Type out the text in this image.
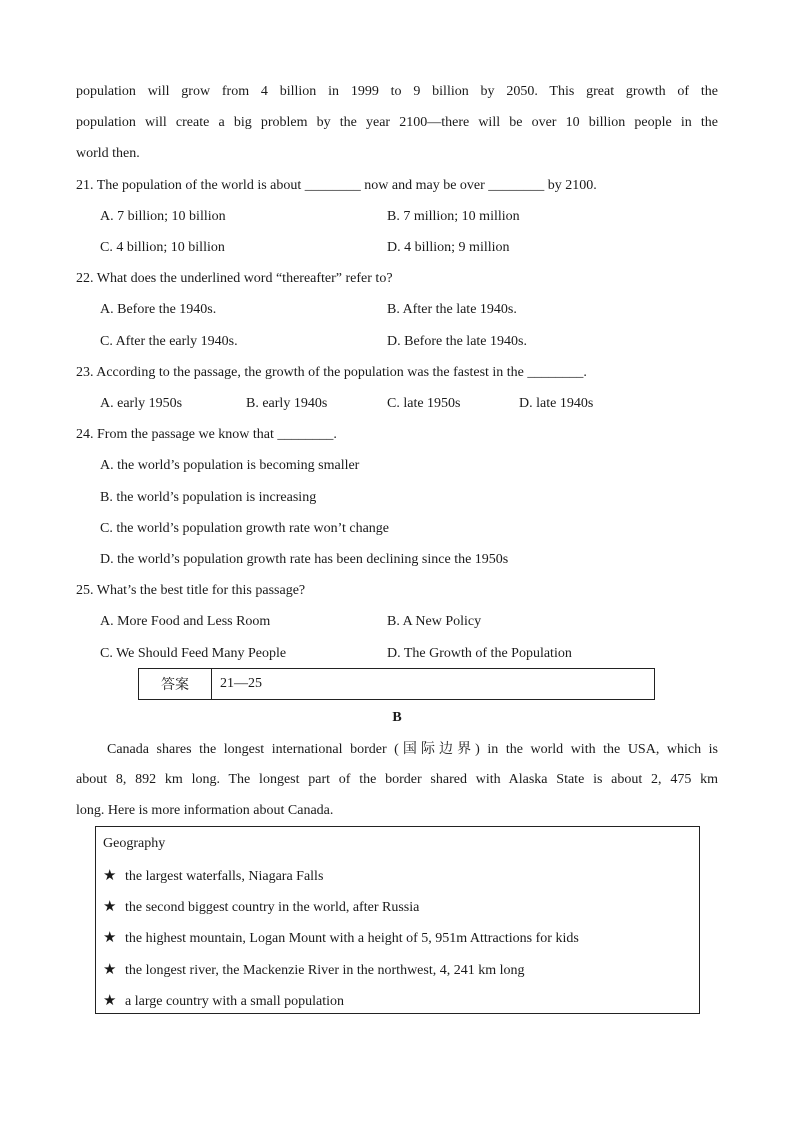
population will grow from 4 billion in 1999 to 9 billion by 2050. This great growth of the
population will create a big problem by the year 2100—there will be over 10 billion people in the
world then.
21. The population of the world is about ________ now and may be over ________ by 2100.
A. 7 billion; 10 billion	B. 7 million; 10 million
C. 4 billion; 10 billion	D. 4 billion; 9 million
22. What does the underlined word “thereafter” refer to?
A. Before the 1940s.	B. After the late 1940s.
C. After the early 1940s.	D. Before the late 1940s.
23. According to the passage, the growth of the population was the fastest in the ________.
A. early 1950s	B. early 1940s	C. late 1950s	D. late 1940s
24. From the passage we know that ________.
A. the world’s population is becoming smaller
B. the world’s population is increasing
C. the world’s population growth rate won’t change
D. the world’s population growth rate has been declining since the 1950s
25. What’s the best title for this passage?
A. More Food and Less Room	B. A New Policy
C. We Should Feed Many People	D. The Growth of the Population
答案	21—25
B
Canada shares the longest international border (国际边界) in the world with the USA, which is
about 8, 892 km long. The longest part of the border shared with Alaska State is about 2, 475 km
long. Here is more information about Canada.
Geography
★ the largest waterfalls, Niagara Falls
★ the second biggest country in the world, after Russia
★ the highest mountain, Logan Mount with a height of 5, 951m Attractions for kids
★ the longest river, the Mackenzie River in the northwest, 4, 241 km long
★ a large country with a small population
